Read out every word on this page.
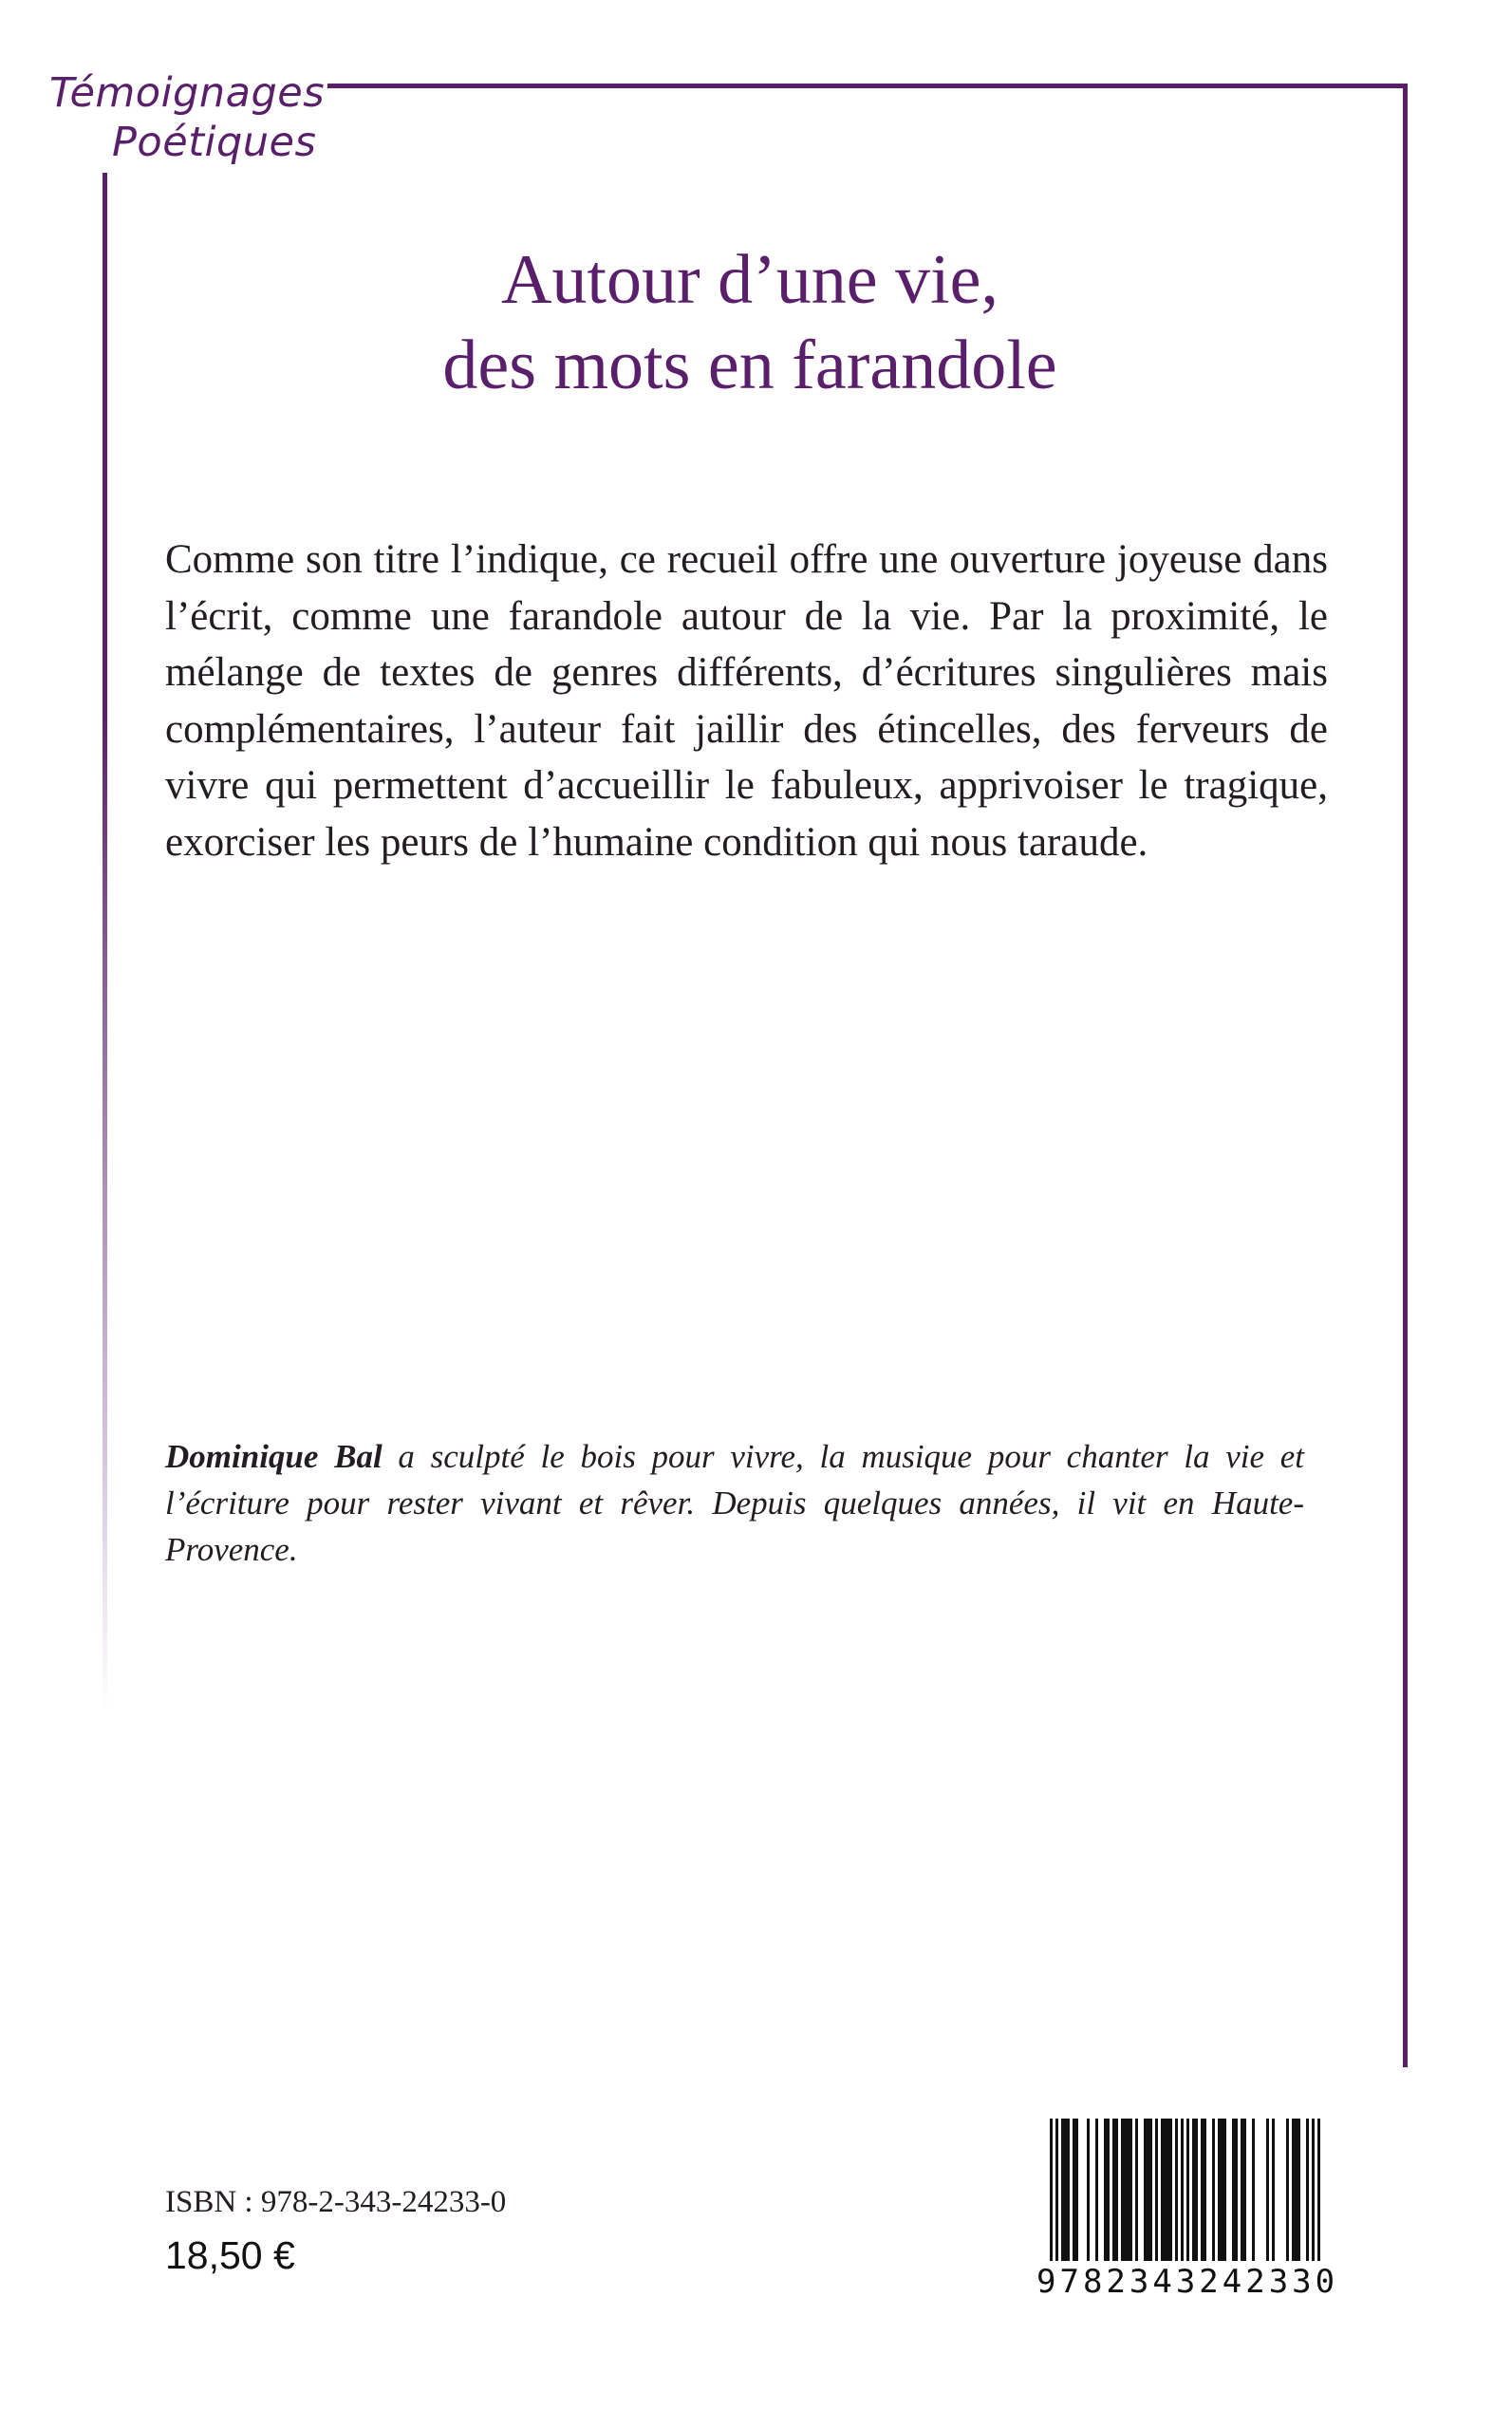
Témoignages
Poétiques
Autour d’une vie,
des mots en farandole

Comme son titre l’indique, ce recueil offre une ouverture joyeuse dans l’écrit, comme une farandole autour de la vie. Par la proximité, le mélange de textes de genres différents, d’écritures singulières mais complémentaires, l’auteur fait jaillir des étincelles, des ferveurs de vivre qui permettent d’accueillir le fabuleux, apprivoiser le tragique, exorciser les peurs de l’humaine condition qui nous taraude.

Dominique Bal a sculpté le bois pour vivre, la musique pour chanter la vie et l’écriture pour rester vivant et rêver. Depuis quelques années, il vit en Haute-Provence.

ISBN : 978-2-343-24233-0
18,50 €
9782343242330
